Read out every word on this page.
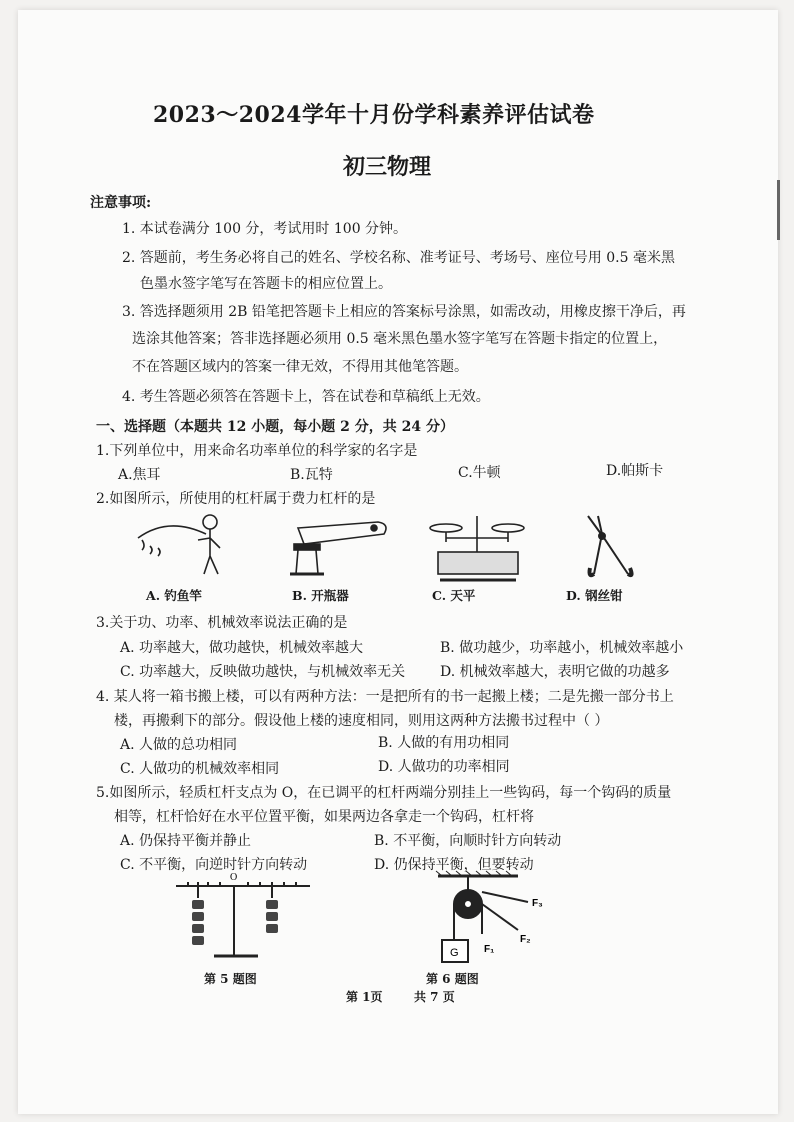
2023～2024学年十月份学科素养评估试卷
初三物理
注意事项:
1. 本试卷满分 100 分，考试用时 100 分钟。
2. 答题前，考生务必将自己的姓名、学校名称、准考证号、考场号、座位号用 0.5 毫米黑
色墨水签字笔写在答题卡的相应位置上。
3. 答选择题须用 2B 铅笔把答题卡上相应的答案标号涂黑，如需改动，用橡皮擦干净后，再
选涂其他答案；答非选择题必须用 0.5 毫米黑色墨水签字笔写在答题卡指定的位置上，
不在答题区域内的答案一律无效，不得用其他笔答题。
4. 考生答题必须答在答题卡上，答在试卷和草稿纸上无效。
一、选择题（本题共 12 小题，每小题 2 分，共 24 分）
1.下列单位中，用来命名功率单位的科学家的名字是
A.焦耳	B.瓦特	C.牛顿	D.帕斯卡
2.如图所示，所使用的杠杆属于费力杠杆的是
A. 钓鱼竿	B. 开瓶器	C. 天平	D. 钢丝钳
3.关于功、功率、机械效率说法正确的是
A. 功率越大，做功越快，机械效率越大	B. 做功越少，功率越小，机械效率越小
C. 功率越大，反映做功越快，与机械效率无关 D. 机械效率越大，表明它做的功越多
4. 某人将一箱书搬上楼，可以有两种方法：一是把所有的书一起搬上楼；二是先搬一部分书上
楼，再搬剩下的部分。假设他上楼的速度相同，则用这两种方法搬书过程中（ ）
A. 人做的总功相同	B. 人做的有用功相同
C. 人做功的机械效率相同	D. 人做功的功率相同
5.如图所示，轻质杠杆支点为 O，在已调平的杠杆两端分别挂上一些钩码，每一个钩码的质量
相等，杠杆恰好在水平位置平衡，如果两边各拿走一个钩码，杠杆将
A. 仍保持平衡并静止	B. 不平衡，向顺时针方向转动
C. 不平衡，向逆时针方向转动	D. 仍保持平衡，但要转动
O
第 5 题图
G	F₁
F₂
F₃
第 6 题图
第 1页	共 7 页
